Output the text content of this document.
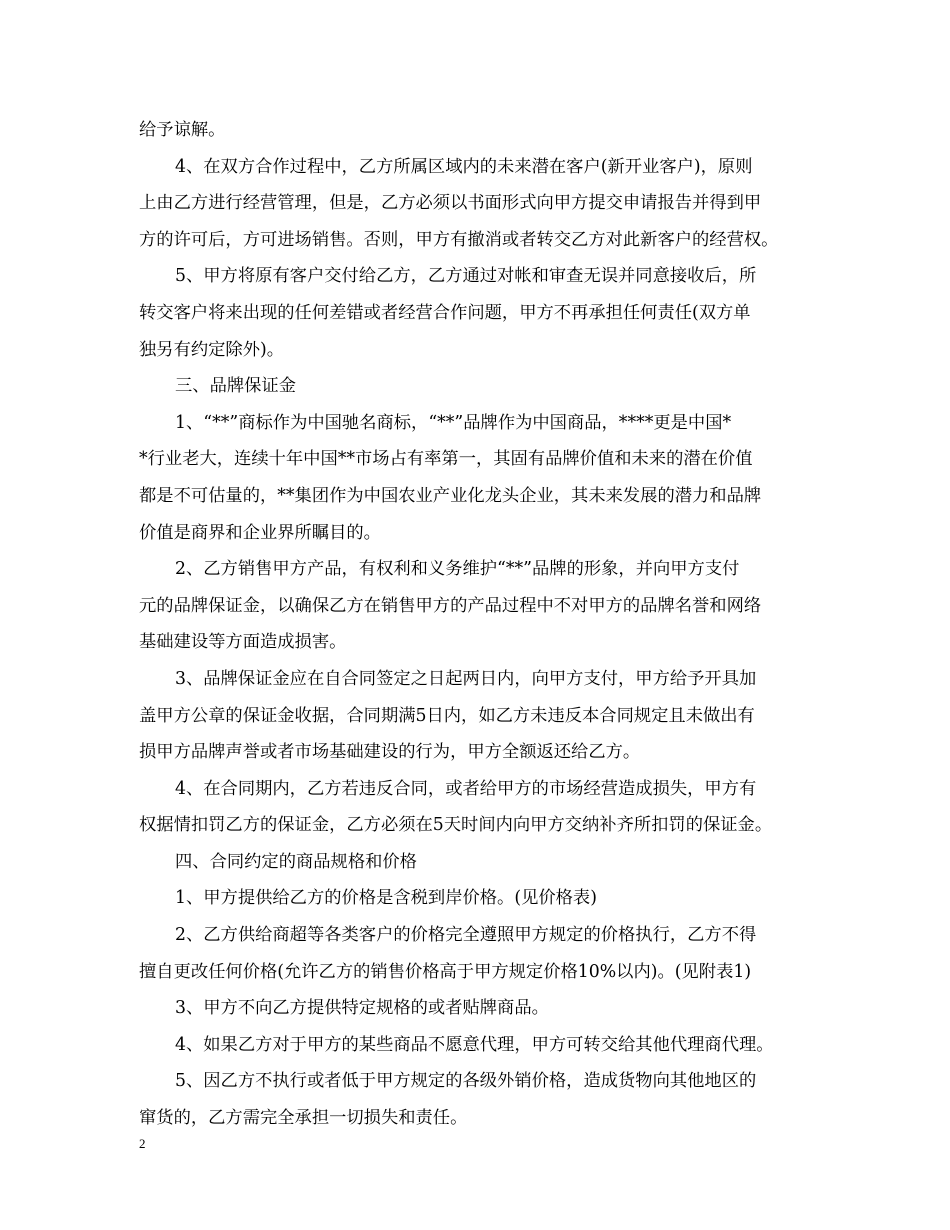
给予谅解。
4、在双方合作过程中，乙方所属区域内的未来潜在客户(新开业客户)，原则
上由乙方进行经营管理，但是，乙方必须以书面形式向甲方提交申请报告并得到甲
方的许可后，方可进场销售。否则，甲方有撤消或者转交乙方对此新客户的经营权。
5、甲方将原有客户交付给乙方，乙方通过对帐和审查无误并同意接收后，所
转交客户将来出现的任何差错或者经营合作问题，甲方不再承担任何责任(双方单
独另有约定除外)。
三、品牌保证金
1、“**”商标作为中国驰名商标，“**”品牌作为中国商品，****更是中国*
*行业老大，连续十年中国**市场占有率第一，其固有品牌价值和未来的潜在价值
都是不可估量的，**集团作为中国农业产业化龙头企业，其未来发展的潜力和品牌
价值是商界和企业界所瞩目的。
2、乙方销售甲方产品，有权利和义务维护“**”品牌的形象，并向甲方支付
元的品牌保证金，以确保乙方在销售甲方的产品过程中不对甲方的品牌名誉和网络
基础建设等方面造成损害。
3、品牌保证金应在自合同签定之日起两日内，向甲方支付，甲方给予开具加
盖甲方公章的保证金收据，合同期满5日内，如乙方未违反本合同规定且未做出有
损甲方品牌声誉或者市场基础建设的行为，甲方全额返还给乙方。
4、在合同期内，乙方若违反合同，或者给甲方的市场经营造成损失，甲方有
权据情扣罚乙方的保证金，乙方必须在5天时间内向甲方交纳补齐所扣罚的保证金。
四、合同约定的商品规格和价格
1、甲方提供给乙方的价格是含税到岸价格。(见价格表)
2、乙方供给商超等各类客户的价格完全遵照甲方规定的价格执行，乙方不得
擅自更改任何价格(允许乙方的销售价格高于甲方规定价格10%以内)。(见附表1)
3、甲方不向乙方提供特定规格的或者贴牌商品。
4、如果乙方对于甲方的某些商品不愿意代理，甲方可转交给其他代理商代理。
5、因乙方不执行或者低于甲方规定的各级外销价格，造成货物向其他地区的
窜货的，乙方需完全承担一切损失和责任。
2
